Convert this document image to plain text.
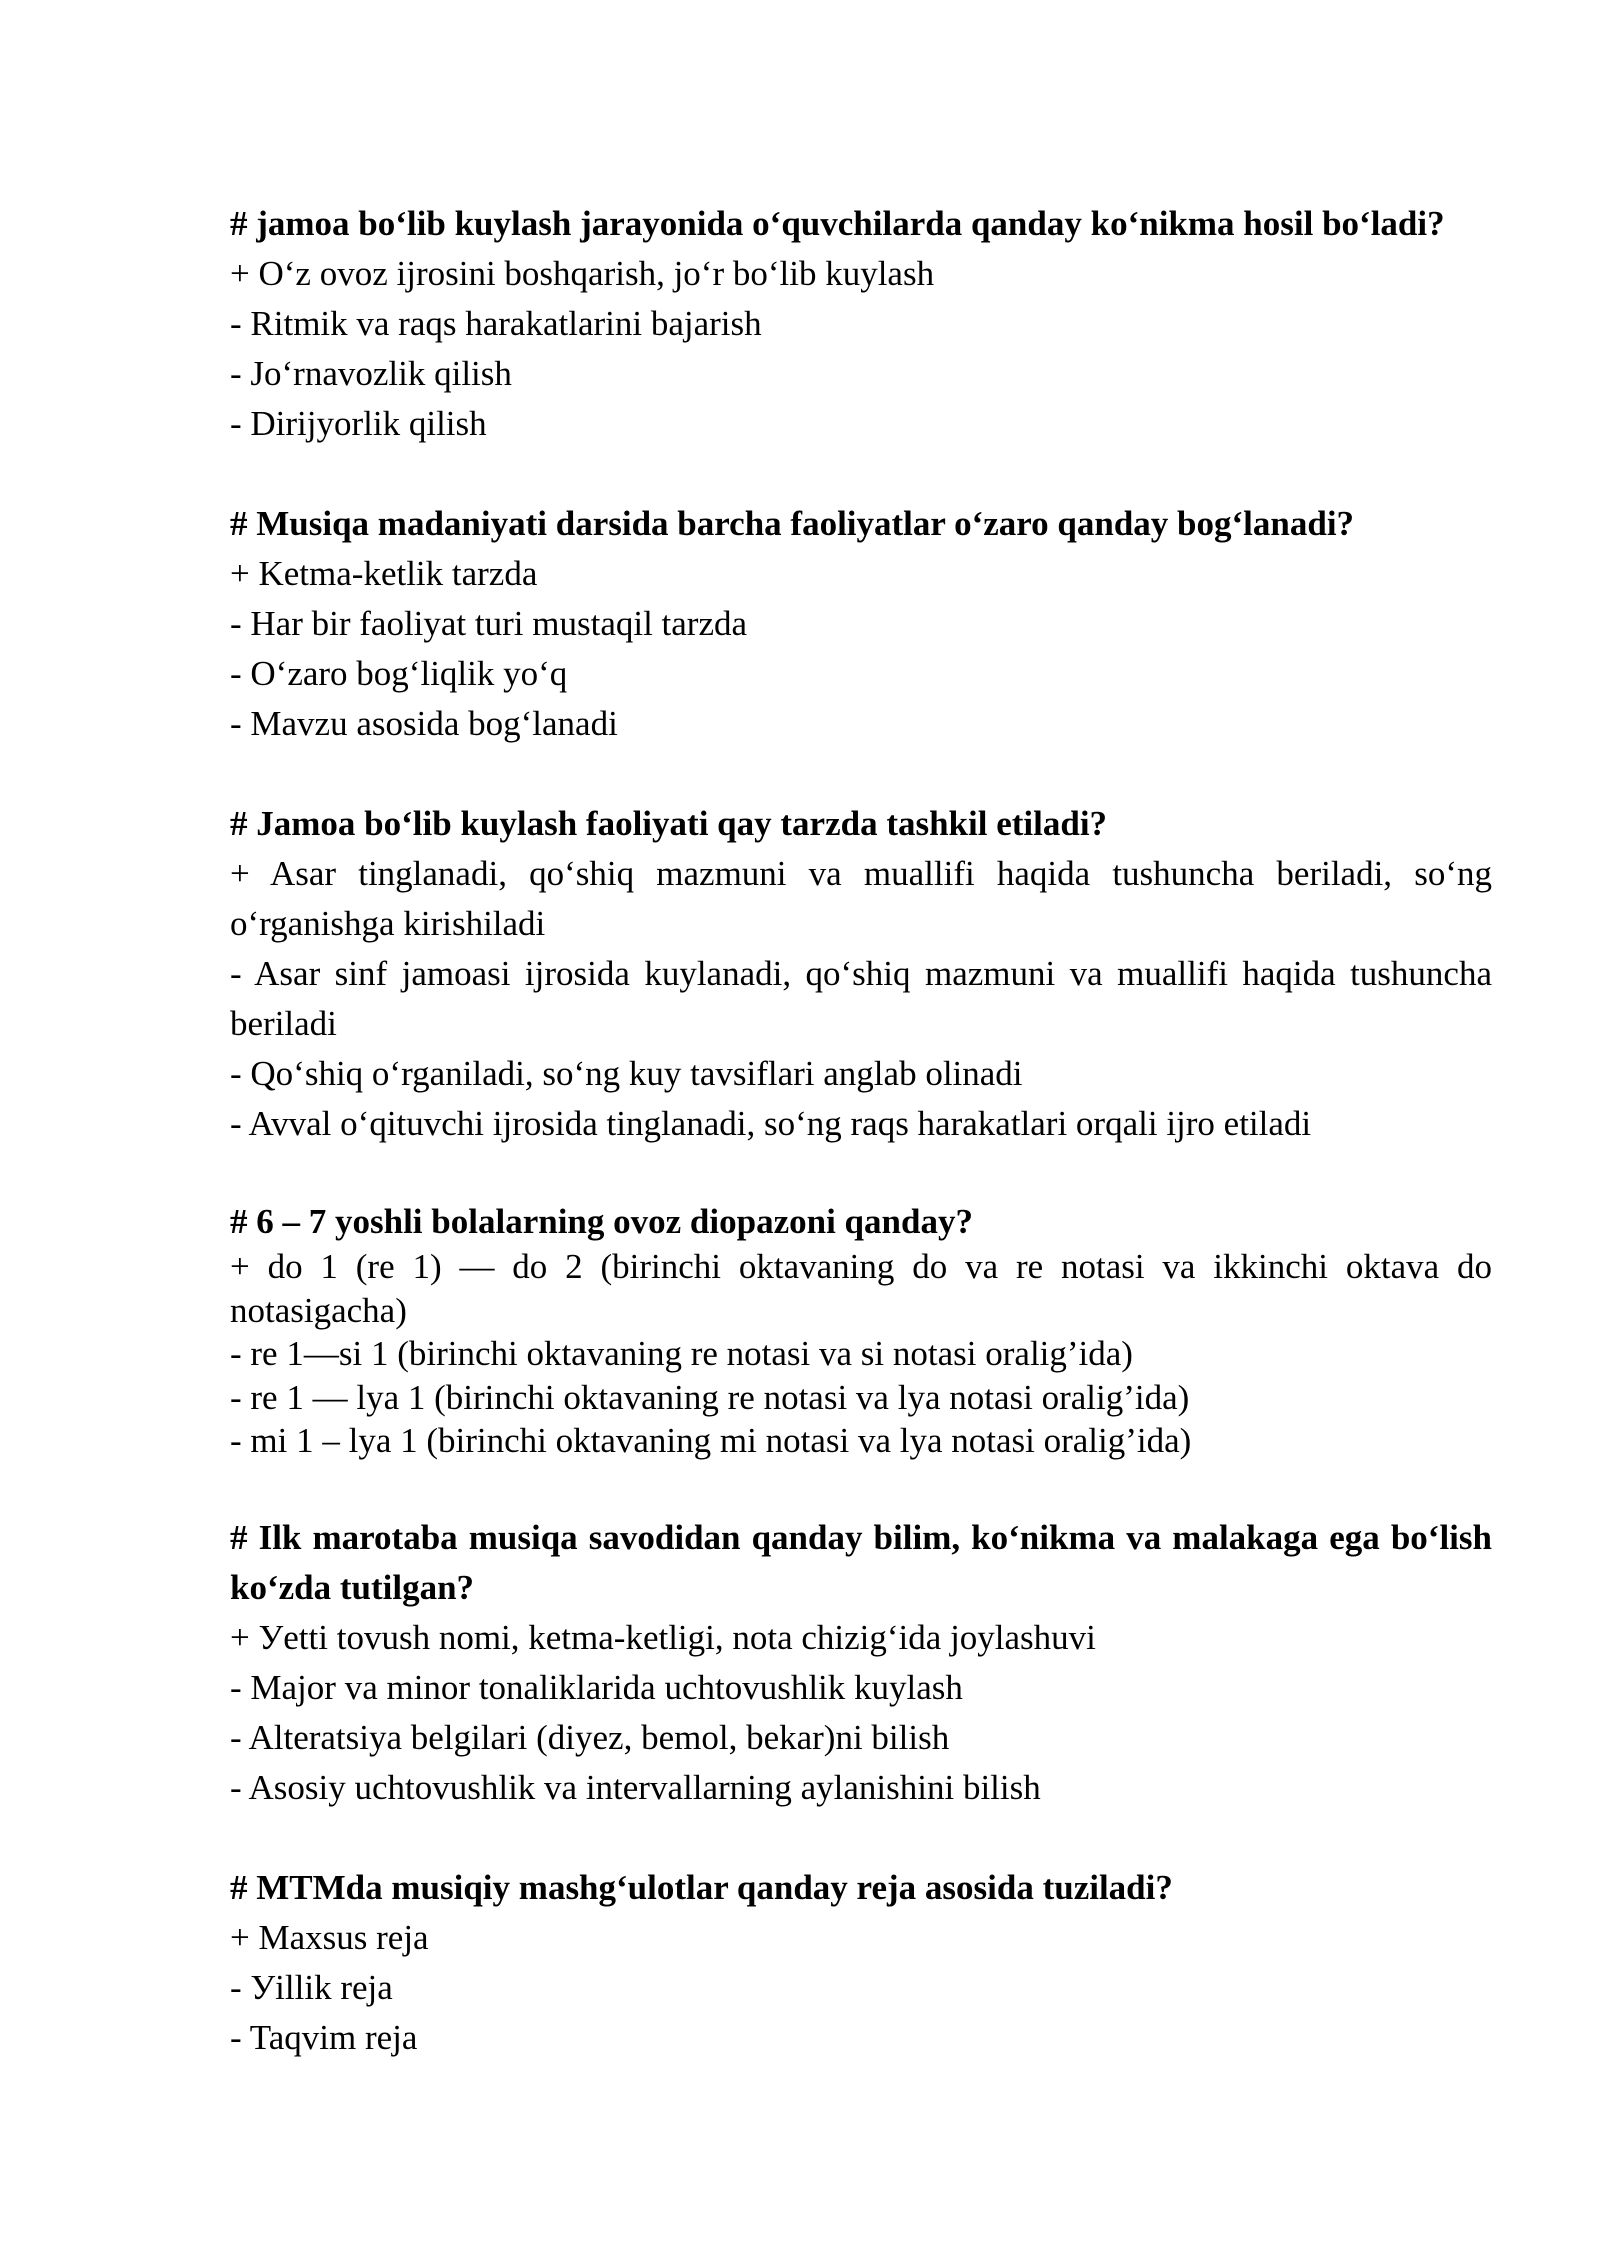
# jamoa bo‘lib kuylash jarayonida o‘quvchilarda qanday ko‘nikma hosil bo‘ladi?

+ O‘z ovoz ijrosini boshqarish, jo‘r bo‘lib kuylash

- Ritmik va raqs harakatlarini bajarish

- Jo‘rnavozlik qilish

- Dirijyorlik qilish

# Musiqa madaniyati darsida barcha faoliyatlar o‘zaro qanday bog‘lanadi?

+ Ketma-ketlik tarzda

- Har bir faoliyat turi mustaqil tarzda

- O‘zaro bog‘liqlik yo‘q

- Mavzu asosida bog‘lanadi

# Jamoa bo‘lib kuylash faoliyati qay tarzda tashkil etiladi?

+ Asar tinglanadi, qo‘shiq mazmuni va muallifi haqida tushuncha beriladi, so‘ng o‘rganishga kirishiladi

- Asar sinf jamoasi ijrosida kuylanadi, qo‘shiq mazmuni va muallifi haqida tushuncha beriladi

- Qo‘shiq o‘rganiladi, so‘ng kuy tavsiflari anglab olinadi

- Avval o‘qituvchi ijrosida tinglanadi, so‘ng raqs harakatlari orqali ijro etiladi

# 6 – 7 yoshli bolalarning ovoz diopazoni qanday?

+ do 1 (re 1) — do 2 (birinchi oktavaning do va re notasi va ikkinchi oktava do notasigacha)

- re 1—si 1 (birinchi oktavaning re notasi va si notasi oralig’ida)

- re 1 — lya 1 (birinchi oktavaning re notasi va lya notasi oralig’ida)

- mi 1 – lya 1 (birinchi oktavaning mi notasi va lya notasi oralig’ida)

# Ilk marotaba musiqa savodidan qanday bilim, ko‘nikma va malakaga ega bo‘lish ko‘zda tutilgan?

+ Уetti tovush nomi, ketma-ketligi, nota chizig‘ida joylashuvi

- Major va minor tonaliklarida uchtovushlik kuylash

- Alteratsiya belgilari (diyez, bemol, bekar)ni bilish

- Asosiy uchtovushlik va intervallarning aylanishini bilish

# MTMda musiqiy mashg‘ulotlar qanday reja asosida tuziladi?

+ Maxsus reja

- Уillik reja

- Taqvim reja
